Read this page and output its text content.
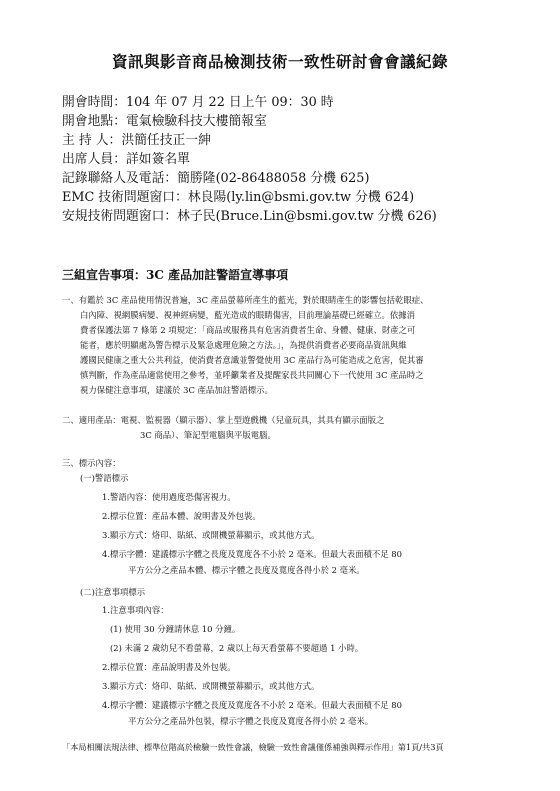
資訊與影音商品檢測技術一致性研討會會議紀錄
開會時間：104 年 07 月 22 日上午 09：30 時
開會地點：電氣檢驗科技大樓簡報室
主 持 人：洪簡任技正一紳
出席人員：詳如簽名單
記錄聯絡人及電話：簡勝隆(02-86488058 分機 625)
EMC 技術問題窗口：林良陽(ly.lin@bsmi.gov.tw 分機 624)
安規技術問題窗口：林子民(Bruce.Lin@bsmi.gov.tw 分機 626)
三組宣告事項：3C 產品加註警語宣導事項
一、有鑑於 3C 產品使用情況普遍，3C 產品螢幕所產生的藍光，對於眼睛產生的影響包括乾眼症、
白內障、視網膜病變、視神經病變，藍光造成的眼睛傷害，目前理論基礎已經確立。依據消
費者保護法第 7 條第 2 項規定：「商品或服務具有危害消費者生命、身體、健康、財產之可
能者，應於明顯處為警告標示及緊急處理危險之方法。」，為提供消費者必要商品資訊與維
護國民健康之重大公共利益，使消費者意識並警覺使用 3C 產品行為可能造成之危害，促其審
慎判斷，作為產品適當使用之參考，並呼籲業者及提醒家長共同關心下一代使用 3C 產品時之
視力保健注意事項，建議於 3C 產品加註警語標示。
二、適用產品：電視、監視器（顯示器）、掌上型遊戲機（兒童玩具，其具有顯示面版之
3C 商品）、筆記型電腦與平版電腦。
三、標示內容：
(一)警語標示
1.警語內容：使用過度恐傷害視力。
2.標示位置：產品本體、說明書及外包裝。
3.顯示方式：烙印、貼紙、或開機螢幕顯示，或其他方式。
4.標示字體：建議標示字體之長度及寬度各不小於 2 毫米。但最大表面積不足 80
平方公分之產品本體、標示字體之長度及寬度各得小於 2 毫米。
(二)注意事項標示
1.注意事項內容：
(1) 使用 30 分鐘請休息 10 分鐘。
(2) 未滿 2 歲幼兒不看螢幕，2 歲以上每天看螢幕不要超過 1 小時。
2.標示位置：產品說明書及外包裝。
3.顯示方式：烙印、貼紙、或開機螢幕顯示，或其他方式。
4.標示字體：建議標示字體之長度及寬度各不小於 2 毫米。但最大表面積不足 80
平方公分之產品外包裝，標示字體之長度及寬度各得小於 2 毫米。
「本局相關法規法律、標準位階高於檢驗一致性會議，檢驗一致性會議僅係補強與釋示作用」第1頁/共3頁
